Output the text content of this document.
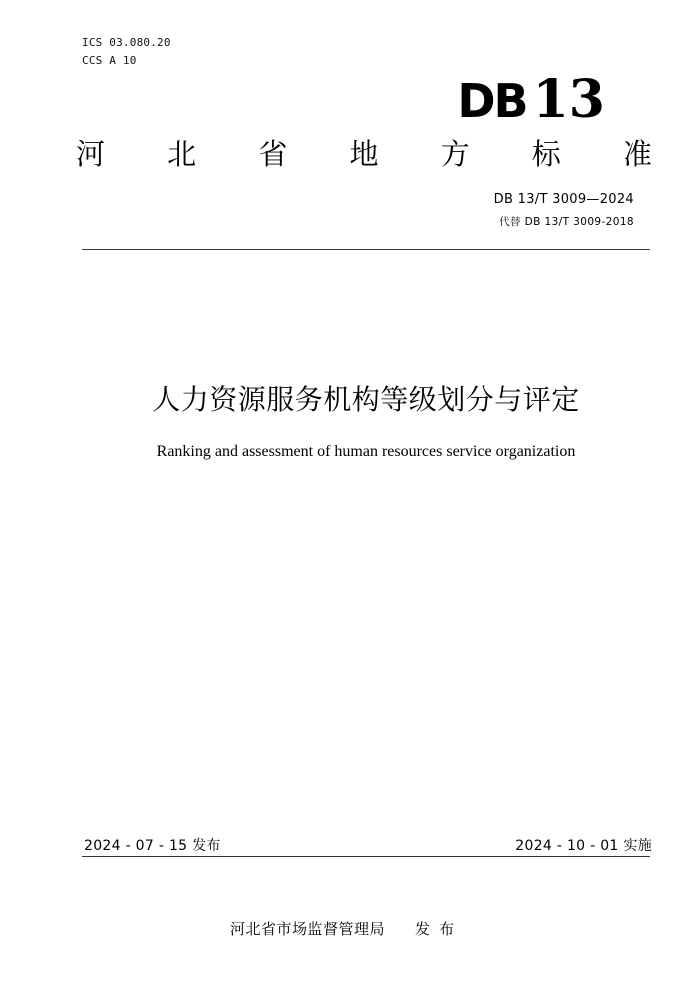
ICS 03.080.20
CCS A 10
DB 13
河 北 省 地 方 标 准
DB 13/T 3009—2024
代替 DB 13/T 3009-2018
人力资源服务机构等级划分与评定
Ranking and assessment of human resources service organization
2024 - 07 - 15 发布	2024 - 10 - 01 实施
河北省市场监督管理局 发布
